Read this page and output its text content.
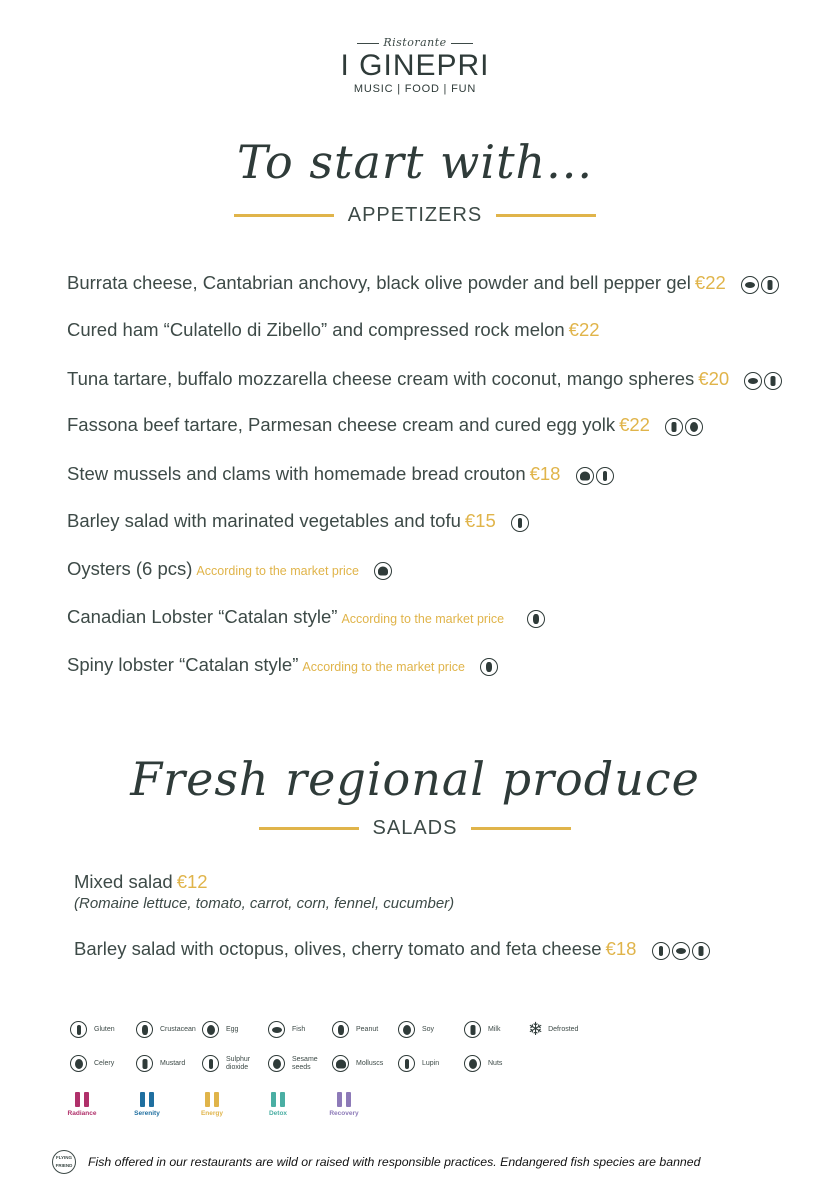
Ristorante
I GINEPRI
MUSIC | FOOD | FUN
To start with...
APPETIZERS
Burrata cheese, Cantabrian anchovy, black olive powder and bell pepper gel €22
Cured ham “Culatello di Zibello” and compressed rock melon €22
Tuna tartare, buffalo mozzarella cheese cream with coconut, mango spheres €20
Fassona beef tartare, Parmesan cheese cream and cured egg yolk €22
Stew mussels and clams with homemade bread crouton €18
Barley salad with marinated vegetables and tofu €15
Oysters (6 pcs) According to the market price
Canadian Lobster “Catalan style” According to the market price
Spiny lobster “Catalan style” According to the market price
Fresh regional produce
SALADS
Mixed salad €12
(Romaine lettuce, tomato, carrot, corn, fennel, cucumber)
Barley salad with octopus, olives, cherry tomato and feta cheese €18
Gluten	Crustacean	Egg	Fish	Peanut	Soy	Milk ❄ Defrosted
Celery	Mustard
Sulphur dioxide
Sesame seeds	Molluscs	Lupin	Nuts
Radiance	Serenity	Energy	Detox	Recovery
FLYING FRIEND Fish offered in our restaurants are wild or raised with responsible practices. Endangered fish species are banned
